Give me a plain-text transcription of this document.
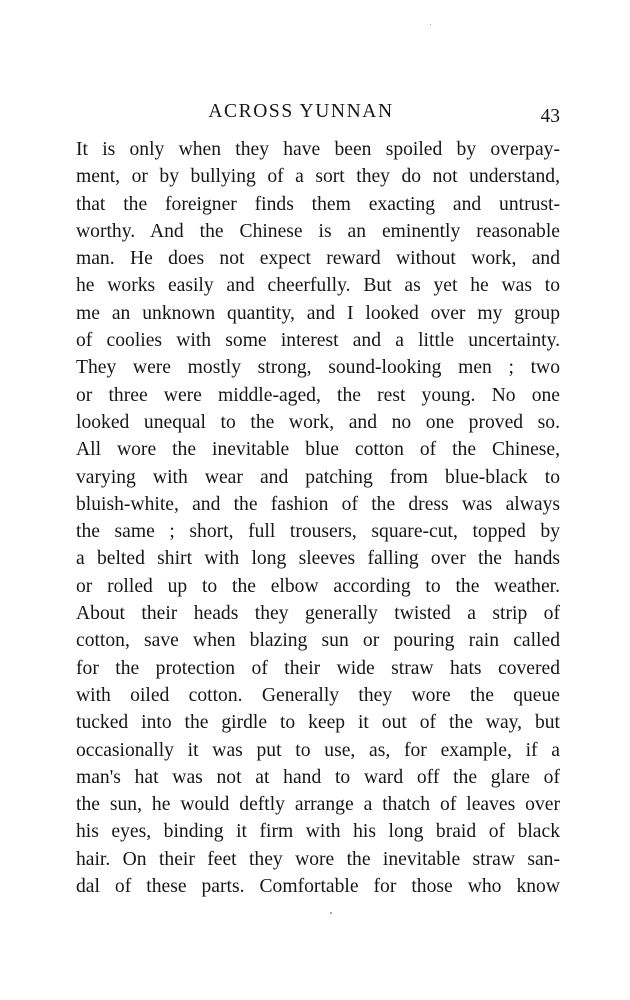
ACROSS YUNNAN	43
It is only when they have been spoiled by overpay-
ment, or by bullying of a sort they do not understand,
that the foreigner finds them exacting and untrust-
worthy. And the Chinese is an eminently reasonable
man. He does not expect reward without work, and
he works easily and cheerfully. But as yet he was to
me an unknown quantity, and I looked over my group
of coolies with some interest and a little uncertainty.
They were mostly strong, sound-looking men ; two
or three were middle-aged, the rest young. No one
looked unequal to the work, and no one proved so.
All wore the inevitable blue cotton of the Chinese,
varying with wear and patching from blue-black to
bluish-white, and the fashion of the dress was always
the same ; short, full trousers, square-cut, topped by
a belted shirt with long sleeves falling over the hands
or rolled up to the elbow according to the weather.
About their heads they generally twisted a strip of
cotton, save when blazing sun or pouring rain called
for the protection of their wide straw hats covered
with oiled cotton. Generally they wore the queue
tucked into the girdle to keep it out of the way, but
occasionally it was put to use, as, for example, if a
man's hat was not at hand to ward off the glare of
the sun, he would deftly arrange a thatch of leaves over
his eyes, binding it firm with his long braid of black
hair. On their feet they wore the inevitable straw san-
dal of these parts. Comfortable for those who know
